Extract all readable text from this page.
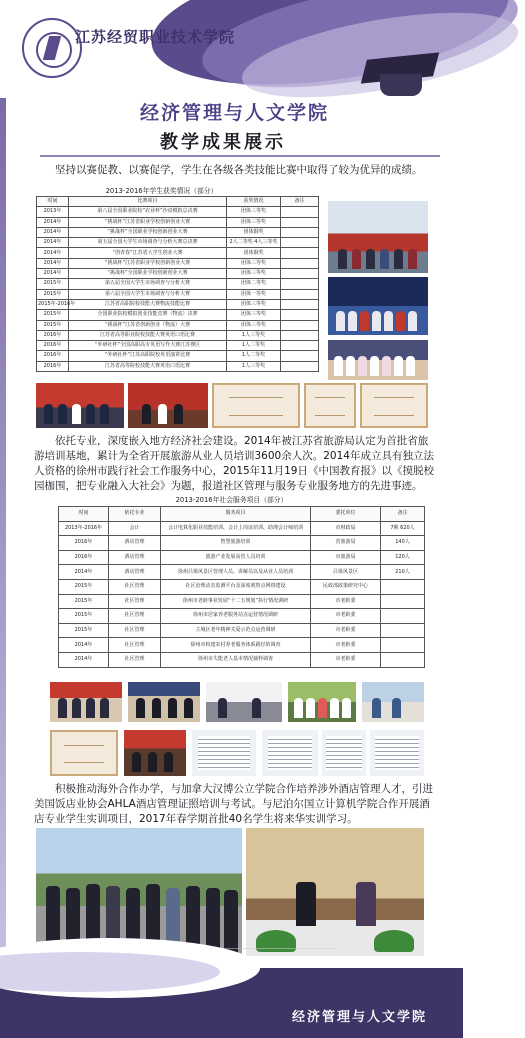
江苏经贸职业技术学院
经济管理与人文学院
教学成果展示
坚持以赛促教、以赛促学，学生在各级各类技能比赛中取得了较为优异的成绩。
2013-2016年学生获奖情况（部分）
时间	比赛项目	获奖情况	备注
2013年	第八届全国职业院校“农业杯”沙盘模拟总决赛	团体三等奖	
2014年	“挑战杯”江苏省职业学校创新创业大赛	团体三等奖	
2014年	“挑战杯”全国职业学校创新创业大赛	团体铜奖	
2014年	第五届全国大学生市场调查与分析大赛总决赛	2人二等奖 4人三等奖	
2014年	“创青春”江苏省大学生创业大赛	团体铜奖	
2014年	“挑战杯”江苏省职业学校创新创业大赛	团体三等奖	
2014年	“挑战杯”全国职业学校创新创业大赛	团体三等奖	
2015年	第五届全国大学生市场调查与分析大赛	团体二等奖	
2015年	第六届全国大学生市场调查与分析大赛	团体一等奖	
2015年-2016年	江苏省高职院校技能大赛物流技能比赛	团体三等奖	
2015年	全国职业院校模拟创业技能竞赛（物流）决赛	团体三等奖	
2015年	“挑战杯”江苏省创新创业（物流）大赛	团体三等奖	
2016年	江苏省高等职业院校技能大赛英语口语比赛	1人三等奖	
2016年	“外研社杯”全国高职高专英语写作大赛江苏赛区	1人二等奖	
2016年	“外研社杯”江苏高职院校英语演讲比赛	1人二等奖	
2016年	江苏省高等院校技能大赛英语口语比赛	1人三等奖	
依托专业，深度嵌入地方经济社会建设。2014年被江苏省旅游局认定为首批省旅游培训基地，累计为全省开展旅游从业人员培训3600余人次。2014年成立具有独立法人资格的徐州市践行社会工作服务中心，2015年11月19日《中国教育报》以《摸脱校园枷围，把专业融入大社会》为题，报道社区管理与服务专业服务地方的先进事迹。
2013-2016年社会服务项目（部分）
时间	依托专业	服务项目	委托单位	备注
2013年-2016年	会计	会计电算化职业技能培训、会计上岗证培训、助理会计师培训	市财政局	7期 620人
2016年	酒店管理	智慧旅游培训	省旅游局	140人
2016年	酒店管理	旅游产业发展高管人员培训	市旅游局	120人
2014年	酒店管理	徐州吕梁风景区管理人员、讲解员以及从业人员培训	吕梁风景区	210人
2015年	社区管理	社区治理动态监测平台及深度观察点网络建设	民政部政策研究中心	
2015年	社区管理	徐州市老龄事业发展“十二五规划”执行情况调研	市老龄委	
2015年	社区管理	徐州市居家养老服务站点运营情况调研	市老龄委	
2015年	社区管理	主城区老年精神关爱示范点运营调研	市老龄委	
2014年	社区管理	徐州市构建农村养老服务体系路径的调查	市老龄委	
2014年	社区管理	徐州市失能老人基本情况抽样调查	市老龄委	
积极推动海外合作办学，与加拿大汉博公立学院合作培养涉外酒店管理人才，引进美国饭店业协会AHLA酒店管理证照培训与考试。与尼泊尔国立计算机学院合作开展酒店专业学生实训项目，2017年春学期首批40名学生将来华实训学习。
经济管理与人文学院
